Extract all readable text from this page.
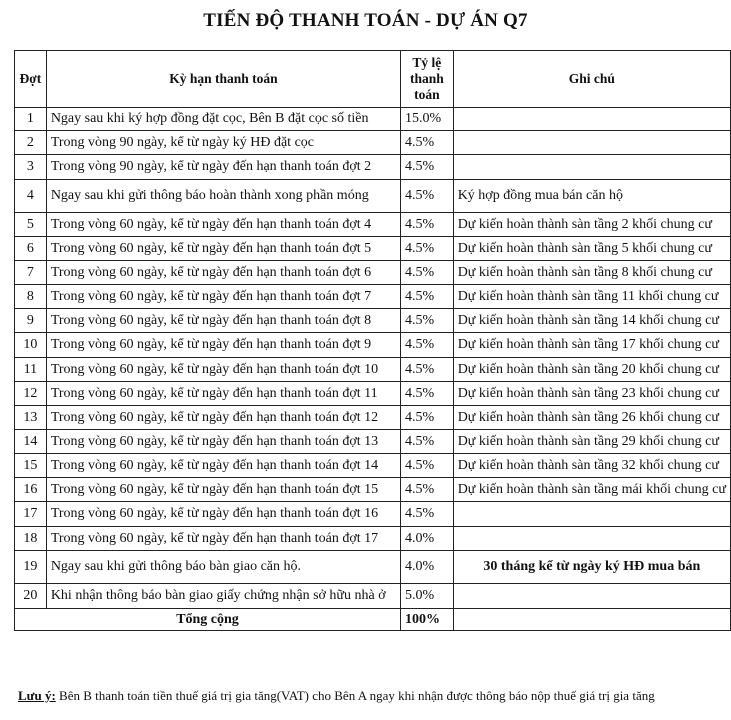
TIẾN ĐỘ THANH TOÁN - DỰ ÁN Q7
Đợt	Kỳ hạn thanh toán	Tỷ lệ thanh toán	Ghi chú
1	Ngay sau khi ký hợp đồng đặt cọc, Bên B đặt cọc số tiền	15.0%	
2	Trong vòng 90 ngày, kể từ ngày ký HĐ đặt cọc	4.5%	
3	Trong vòng 90 ngày, kể từ ngày đến hạn thanh toán đợt 2	4.5%	
4	Ngay sau khi gửi thông báo hoàn thành xong phần móng	4.5%	Ký hợp đồng mua bán căn hộ
5	Trong vòng 60 ngày, kể từ ngày đến hạn thanh toán đợt 4	4.5%	Dự kiến hoàn thành sàn tầng 2 khối chung cư
6	Trong vòng 60 ngày, kể từ ngày đến hạn thanh toán đợt 5	4.5%	Dự kiến hoàn thành sàn tầng 5 khối chung cư
7	Trong vòng 60 ngày, kể từ ngày đến hạn thanh toán đợt 6	4.5%	Dự kiến hoàn thành sàn tầng 8 khối chung cư
8	Trong vòng 60 ngày, kể từ ngày đến hạn thanh toán đợt 7	4.5%	Dự kiến hoàn thành sàn tầng 11 khối chung cư
9	Trong vòng 60 ngày, kể từ ngày đến hạn thanh toán đợt 8	4.5%	Dự kiến hoàn thành sàn tầng 14 khối chung cư
10	Trong vòng 60 ngày, kể từ ngày đến hạn thanh toán đợt 9	4.5%	Dự kiến hoàn thành sàn tầng 17 khối chung cư
11	Trong vòng 60 ngày, kể từ ngày đến hạn thanh toán đợt 10	4.5%	Dự kiến hoàn thành sàn tầng 20 khối chung cư
12	Trong vòng 60 ngày, kể từ ngày đến hạn thanh toán đợt 11	4.5%	Dự kiến hoàn thành sàn tầng 23 khối chung cư
13	Trong vòng 60 ngày, kể từ ngày đến hạn thanh toán đợt 12	4.5%	Dự kiến hoàn thành sàn tầng 26 khối chung cư
14	Trong vòng 60 ngày, kể từ ngày đến hạn thanh toán đợt 13	4.5%	Dự kiến hoàn thành sàn tầng 29 khối chung cư
15	Trong vòng 60 ngày, kể từ ngày đến hạn thanh toán đợt 14	4.5%	Dự kiến hoàn thành sàn tầng 32 khối chung cư
16	Trong vòng 60 ngày, kể từ ngày đến hạn thanh toán đợt 15	4.5%	Dự kiến hoàn thành sàn tầng mái khối chung cư
17	Trong vòng 60 ngày, kể từ ngày đến hạn thanh toán đợt 16	4.5%	
18	Trong vòng 60 ngày, kể từ ngày đến hạn thanh toán đợt 17	4.0%	
19	Ngay sau khi gửi thông báo bàn giao căn hộ.	4.0%	30 tháng kể từ ngày ký HĐ mua bán
20	Khi nhận thông báo bàn giao giấy chứng nhận sở hữu nhà ở	5.0%	
Tổng cộng		100%	
Lưu ý: Bên B thanh toán tiền thuế giá trị gia tăng(VAT) cho Bên A ngay khi nhận được thông báo nộp thuế giá trị gia tăng
